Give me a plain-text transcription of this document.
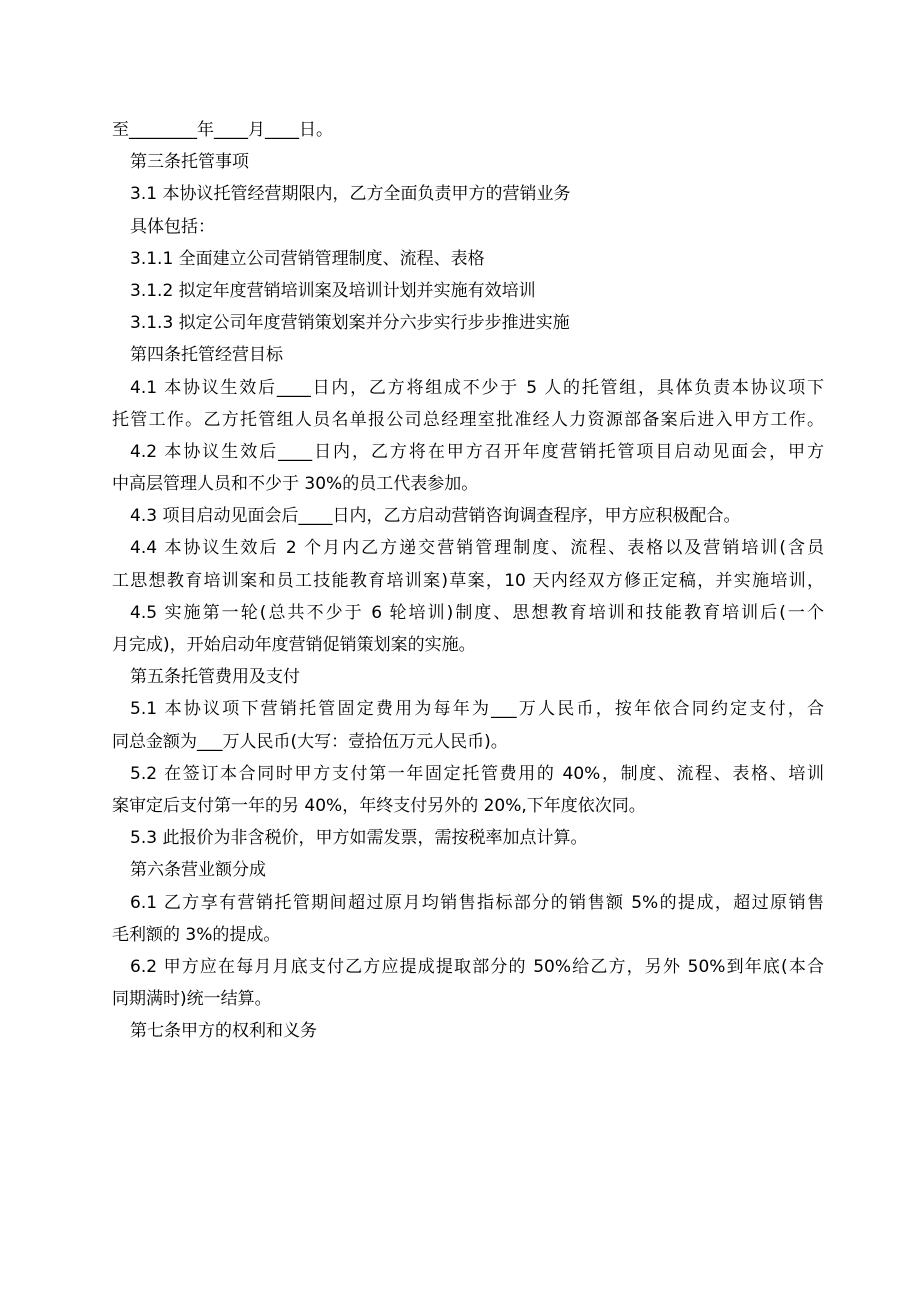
至________年____月____日。
第三条托管事项
3.1 本协议托管经营期限内，乙方全面负责甲方的营销业务
具体包括：
3.1.1 全面建立公司营销管理制度、流程、表格
3.1.2 拟定年度营销培训案及培训计划并实施有效培训
3.1.3 拟定公司年度营销策划案并分六步实行步步推进实施
第四条托管经营目标
4.1 本协议生效后____日内，乙方将组成不少于 5 人的托管组，具体负责本协议项下
托管工作。乙方托管组人员名单报公司总经理室批准经人力资源部备案后进入甲方工作。
4.2 本协议生效后____日内，乙方将在甲方召开年度营销托管项目启动见面会，甲方
中高层管理人员和不少于 30%的员工代表参加。
4.3 项目启动见面会后____日内，乙方启动营销咨询调查程序，甲方应积极配合。
4.4 本协议生效后 2 个月内乙方递交营销管理制度、流程、表格以及营销培训(含员
工思想教育培训案和员工技能教育培训案)草案，10 天内经双方修正定稿，并实施培训，
4.5 实施第一轮(总共不少于 6 轮培训)制度、思想教育培训和技能教育培训后(一个
月完成)，开始启动年度营销促销策划案的实施。
第五条托管费用及支付
5.1 本协议项下营销托管固定费用为每年为___万人民币，按年依合同约定支付，合
同总金额为___万人民币(大写：壹拾伍万元人民币)。
5.2 在签订本合同时甲方支付第一年固定托管费用的 40%，制度、流程、表格、培训
案审定后支付第一年的另 40%，年终支付另外的 20%,下年度依次同。
5.3 此报价为非含税价，甲方如需发票，需按税率加点计算。
第六条营业额分成
6.1 乙方享有营销托管期间超过原月均销售指标部分的销售额 5%的提成，超过原销售
毛利额的 3%的提成。
6.2 甲方应在每月月底支付乙方应提成提取部分的 50%给乙方，另外 50%到年底(本合
同期满时)统一结算。
第七条甲方的权利和义务
